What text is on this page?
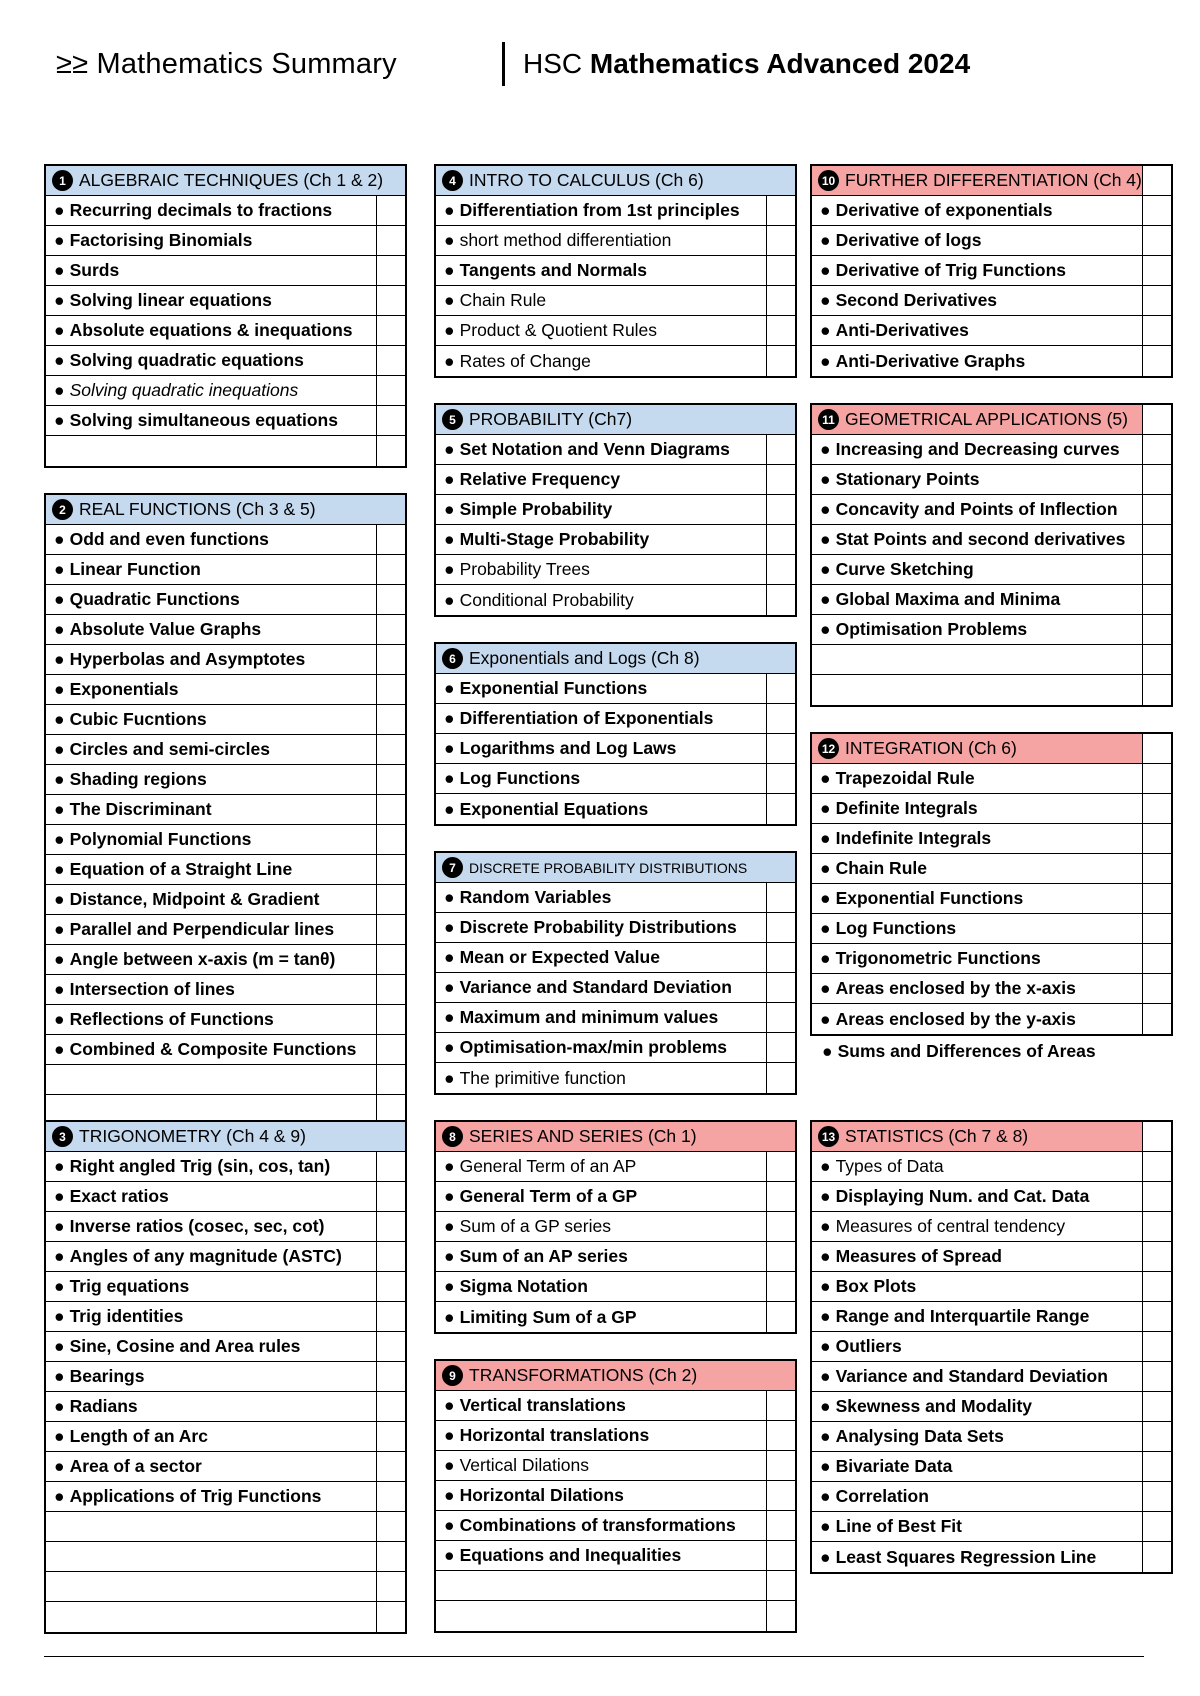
≥≥ Mathematics Summary	HSC Mathematics Advanced 2024
1 ALGEBRAIC TECHNIQUES (Ch 1 & 2)
● Recurring decimals to fractions
● Factorising Binomials
● Surds
● Solving linear equations
● Absolute equations & inequations
● Solving quadratic equations
● Solving quadratic inequations
● Solving simultaneous equations
2 REAL FUNCTIONS (Ch 3 & 5)
● Odd and even functions
● Linear Function
● Quadratic Functions
● Absolute Value Graphs
● Hyperbolas and Asymptotes
● Exponentials
● Cubic Fucntions
● Circles and semi-circles
● Shading regions
● The Discriminant
● Polynomial Functions
● Equation of a Straight Line
● Distance, Midpoint & Gradient
● Parallel and Perpendicular lines
● Angle between x-axis (m = tanθ)
● Intersection of lines
● Reflections of Functions
● Combined & Composite Functions
3 TRIGONOMETRY (Ch 4 & 9)
● Right angled Trig (sin, cos, tan)
● Exact ratios
● Inverse ratios (cosec, sec, cot)
● Angles of any magnitude (ASTC)
● Trig equations
● Trig identities
● Sine, Cosine and Area rules
● Bearings
● Radians
● Length of an Arc
● Area of a sector
● Applications of Trig Functions
4 INTRO TO CALCULUS (Ch 6)
● Differentiation from 1st principles
● short method differentiation
● Tangents and Normals
● Chain Rule
● Product & Quotient Rules
● Rates of Change
5 PROBABILITY (Ch7)
● Set Notation and Venn Diagrams
● Relative Frequency
● Simple Probability
● Multi-Stage Probability
● Probability Trees
● Conditional Probability
6 Exponentials and Logs (Ch 8)
● Exponential Functions
● Differentiation of Exponentials
● Logarithms and Log Laws
● Log Functions
● Exponential Equations
7 DISCRETE PROBABILITY DISTRIBUTIONS
● Random Variables
● Discrete Probability Distributions
● Mean or Expected Value
● Variance and Standard Deviation
● Maximum and minimum values
● Optimisation-max/min problems
● The primitive function
8 SERIES AND SERIES (Ch 1)
● General Term of an AP
● General Term of a GP
● Sum of a GP series
● Sum of an AP series
● Sigma Notation
● Limiting Sum of a GP
9 TRANSFORMATIONS (Ch 2)
● Vertical translations
● Horizontal translations
● Vertical Dilations
● Horizontal Dilations
● Combinations of transformations
● Equations and Inequalities
10 FURTHER DIFFERENTIATION (Ch 4)
● Derivative of exponentials
● Derivative of logs
● Derivative of Trig Functions
● Second Derivatives
● Anti-Derivatives
● Anti-Derivative Graphs
11 GEOMETRICAL APPLICATIONS (5)
● Increasing and Decreasing curves
● Stationary Points
● Concavity and Points of Inflection
● Stat Points and second derivatives
● Curve Sketching
● Global Maxima and Minima
● Optimisation Problems
12 INTEGRATION (Ch 6)
● Trapezoidal Rule
● Definite Integrals
● Indefinite Integrals
● Chain Rule
● Exponential Functions
● Log Functions
● Trigonometric Functions
● Areas enclosed by the x-axis
● Areas enclosed by the y-axis
● Sums and Differences of Areas
13 STATISTICS (Ch 7 & 8)
● Types of Data
● Displaying Num. and Cat. Data
● Measures of central tendency
● Measures of Spread
● Box Plots
● Range and Interquartile Range
● Outliers
● Variance and Standard Deviation
● Skewness and Modality
● Analysing Data Sets
● Bivariate Data
● Correlation
● Line of Best Fit
● Least Squares Regression Line
